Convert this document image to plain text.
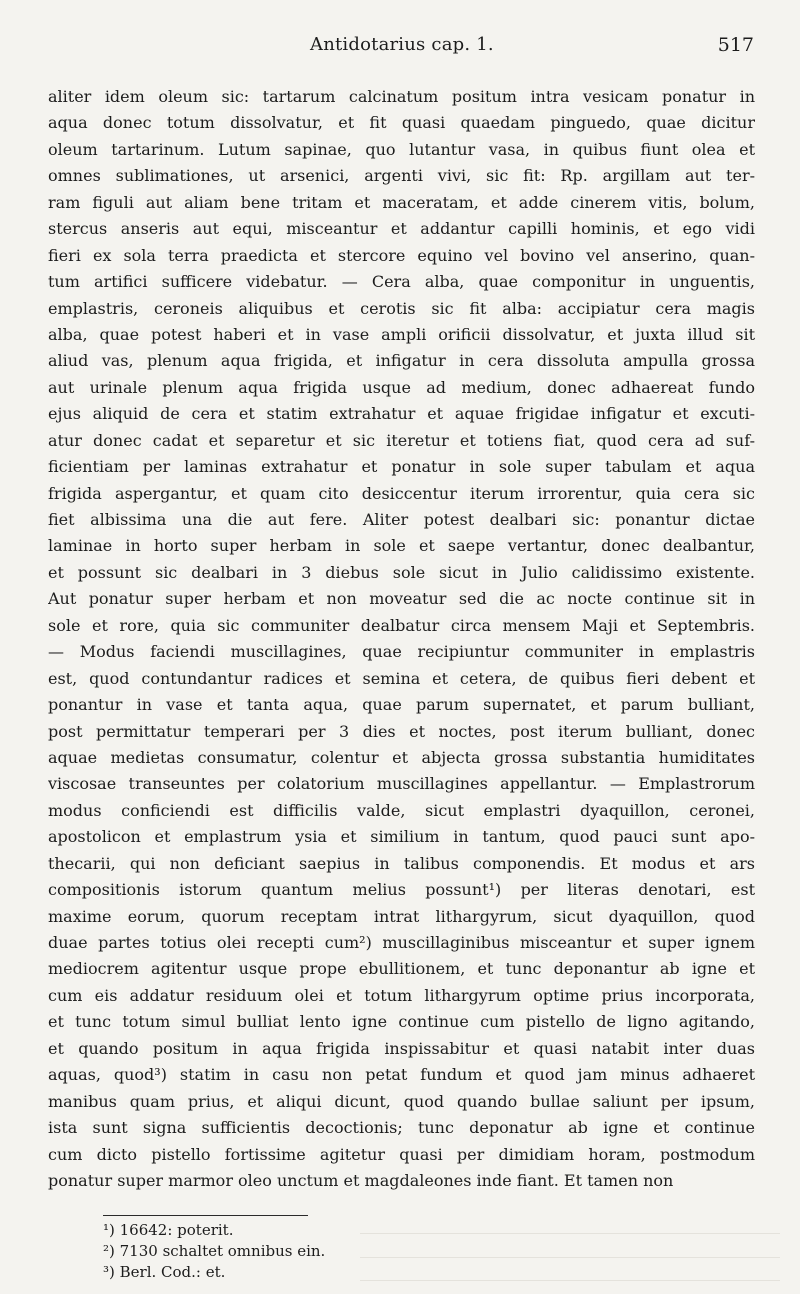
Antidotarius cap. 1.	517
aliter idem oleum sic: tartarum calcinatum positum intra vesicam ponatur in
aqua donec totum dissolvatur, et fit quasi quaedam pinguedo, quae dicitur
oleum tartarinum. Lutum sapinae, quo lutantur vasa, in quibus fiunt olea et
omnes sublimationes, ut arsenici, argenti vivi, sic fit: Rp. argillam aut ter-
ram figuli aut aliam bene tritam et maceratam, et adde cinerem vitis, bolum,
stercus anseris aut equi, misceantur et addantur capilli hominis, et ego vidi
fieri ex sola terra praedicta et stercore equino vel bovino vel anserino, quan-
tum artifici sufficere videbatur. — Cera alba, quae componitur in unguentis,
emplastris, ceroneis aliquibus et cerotis sic fit alba: accipiatur cera magis
alba, quae potest haberi et in vase ampli orificii dissolvatur, et juxta illud sit
aliud vas, plenum aqua frigida, et infigatur in cera dissoluta ampulla grossa
aut urinale plenum aqua frigida usque ad medium, donec adhaereat fundo
ejus aliquid de cera et statim extrahatur et aquae frigidae infigatur et excuti-
atur donec cadat et separetur et sic iteretur et totiens fiat, quod cera ad suf-
ficientiam per laminas extrahatur et ponatur in sole super tabulam et aqua
frigida aspergantur, et quam cito desiccentur iterum irrorentur, quia cera sic
fiet albissima una die aut fere. Aliter potest dealbari sic: ponantur dictae
laminae in horto super herbam in sole et saepe vertantur, donec dealbantur,
et possunt sic dealbari in 3 diebus sole sicut in Julio calidissimo existente.
Aut ponatur super herbam et non moveatur sed die ac nocte continue sit in
sole et rore, quia sic communiter dealbatur circa mensem Maji et Septembris.
— Modus faciendi muscillagines, quae recipiuntur communiter in emplastris
est, quod contundantur radices et semina et cetera, de quibus fieri debent et
ponantur in vase et tanta aqua, quae parum supernatet, et parum bulliant,
post permittatur temperari per 3 dies et noctes, post iterum bulliant, donec
aquae medietas consumatur, colentur et abjecta grossa substantia humiditates
viscosae transeuntes per colatorium muscillagines appellantur. — Emplastrorum
modus conficiendi est difficilis valde, sicut emplastri dyaquillon, ceronei,
apostolicon et emplastrum ysia et similium in tantum, quod pauci sunt apo-
thecarii, qui non deficiant saepius in talibus componendis. Et modus et ars
compositionis istorum quantum melius possunt¹) per literas denotari, est
maxime eorum, quorum receptam intrat lithargyrum, sicut dyaquillon, quod
duae partes totius olei recepti cum²) muscillaginibus misceantur et super ignem
mediocrem agitentur usque prope ebullitionem, et tunc deponantur ab igne et
cum eis addatur residuum olei et totum lithargyrum optime prius incorporata,
et tunc totum simul bulliat lento igne continue cum pistello de ligno agitando,
et quando positum in aqua frigida inspissabitur et quasi natabit inter duas
aquas, quod³) statim in casu non petat fundum et quod jam minus adhaeret
manibus quam prius, et aliqui dicunt, quod quando bullae saliunt per ipsum,
ista sunt signa sufficientis decoctionis; tunc deponatur ab igne et continue
cum dicto pistello fortissime agitetur quasi per dimidiam horam, postmodum
ponatur super marmor oleo unctum et magdaleones inde fiant. Et tamen non
¹) 16642: poterit.
²) 7130 schaltet omnibus ein.
³) Berl. Cod.: et.
